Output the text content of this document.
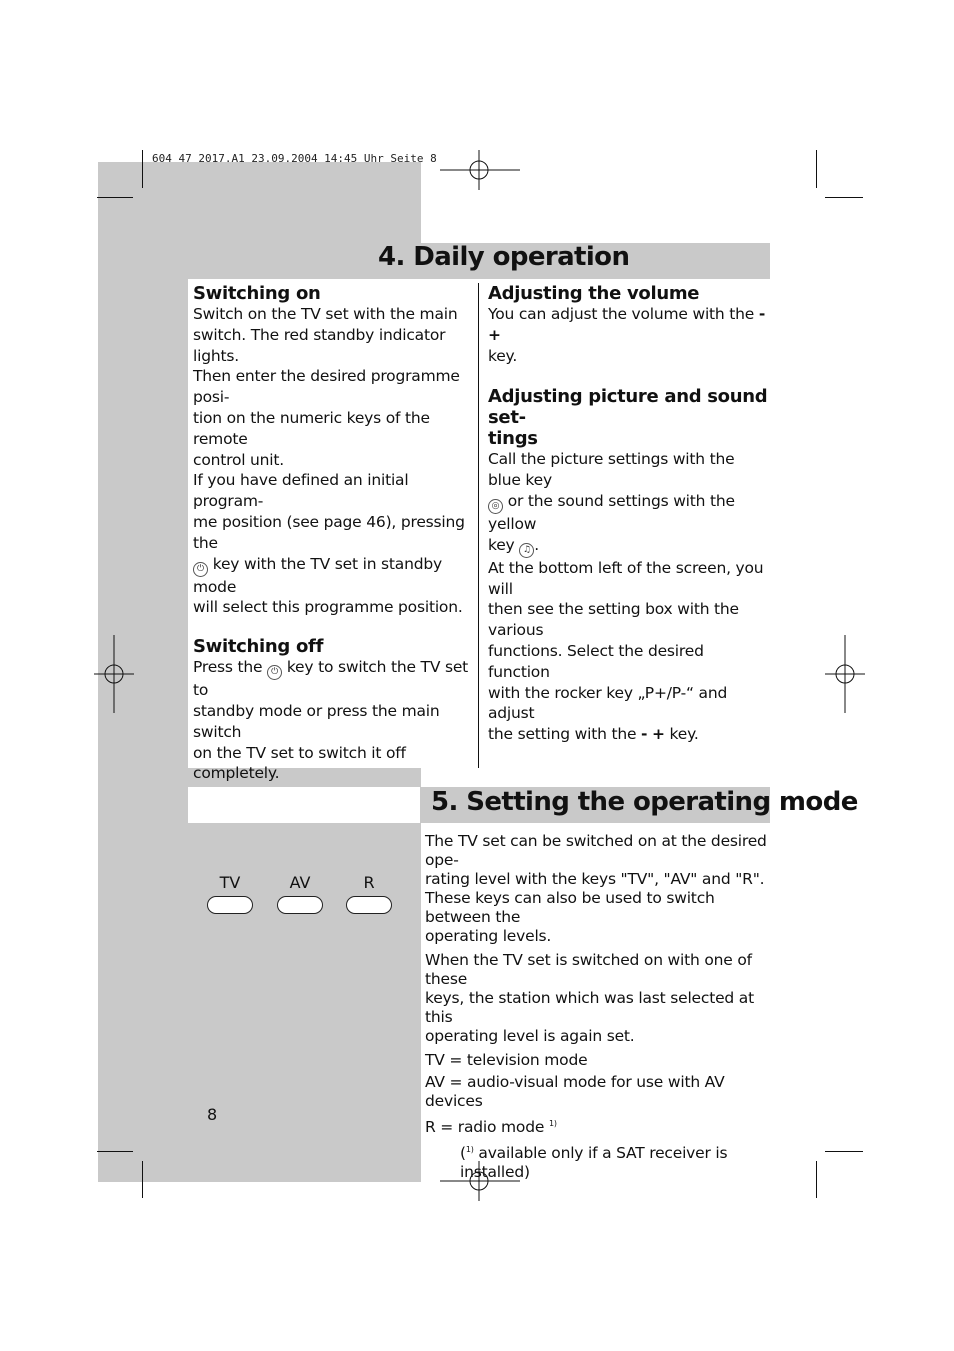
604 47 2017.A1 23.09.2004 14:45 Uhr Seite 8
4. Daily operation
Switching on

Switch on the TV set with the main

switch. The red standby indicator lights.

Then enter the desired programme posi-

tion on the numeric keys of the remote

control unit.

If you have defined an initial program-

me position (see page 46), pressing the

⏻ key with the TV set in standby mode

will select this programme position.

Switching off

Press the ⏻ key to switch the TV set to

standby mode or press the main switch

on the TV set to switch it off completely.

Adjusting the volume

You can adjust the volume with the - +

key.

Adjusting picture and sound set-
tings

Call the picture settings with the blue key

◎ or the sound settings with the yellow

key ♫ .

At the bottom left of the screen, you will

then see the setting box with the various

functions. Select the desired function

with the rocker key „P+/P-“ and adjust

the setting with the - + key.

5. Setting the operating mode
TV	AV	R

The TV set can be switched on at the desired ope-

rating level with the keys "TV", "AV" and "R".

These keys can also be used to switch between the

operating levels.

When the TV set is switched on with one of these

keys, the station which was last selected at this

operating level is again set.

TV = television mode

AV = audio-visual mode for use with AV devices

R = radio mode $^{1)}$

($^{1)}$ available only if a SAT receiver is installed)

8
